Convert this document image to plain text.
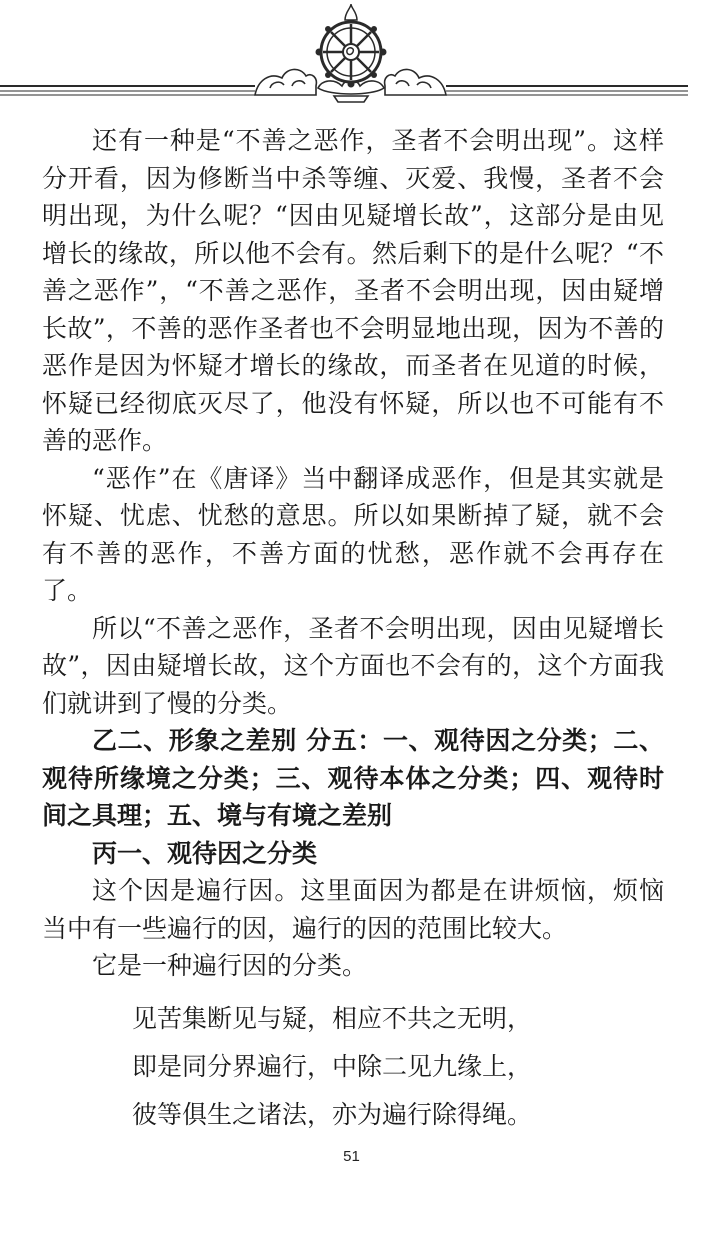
还有一种是“不善之恶作，圣者不会明出现”。这样分开看，因为修断当中杀等缠、灭爱、我慢，圣者不会明出现，为什么呢？“因由见疑增长故”，这部分是由见增长的缘故，所以他不会有。然后剩下的是什么呢？“不善之恶作”，“不善之恶作，圣者不会明出现，因由疑增长故”，不善的恶作圣者也不会明显地出现，因为不善的恶作是因为怀疑才增长的缘故，而圣者在见道的时候，怀疑已经彻底灭尽了，他没有怀疑，所以也不可能有不善的恶作。

“恶作”在《唐译》当中翻译成恶作，但是其实就是怀疑、忧虑、忧愁的意思。所以如果断掉了疑，就不会有不善的恶作，不善方面的忧愁，恶作就不会再存在了。

所以“不善之恶作，圣者不会明出现，因由见疑增长故”，因由疑增长故，这个方面也不会有的，这个方面我们就讲到了慢的分类。

乙二、形象之差别 分五：一、观待因之分类；二、观待所缘境之分类；三、观待本体之分类；四、观待时间之具理；五、境与有境之差别

丙一、观待因之分类

这个因是遍行因。这里面因为都是在讲烦恼，烦恼当中有一些遍行的因，遍行的因的范围比较大。

它是一种遍行因的分类。

见苦集断见与疑，相应不共之无明，
即是同分界遍行，中除二见九缘上，
彼等俱生之诸法，亦为遍行除得绳。
51
